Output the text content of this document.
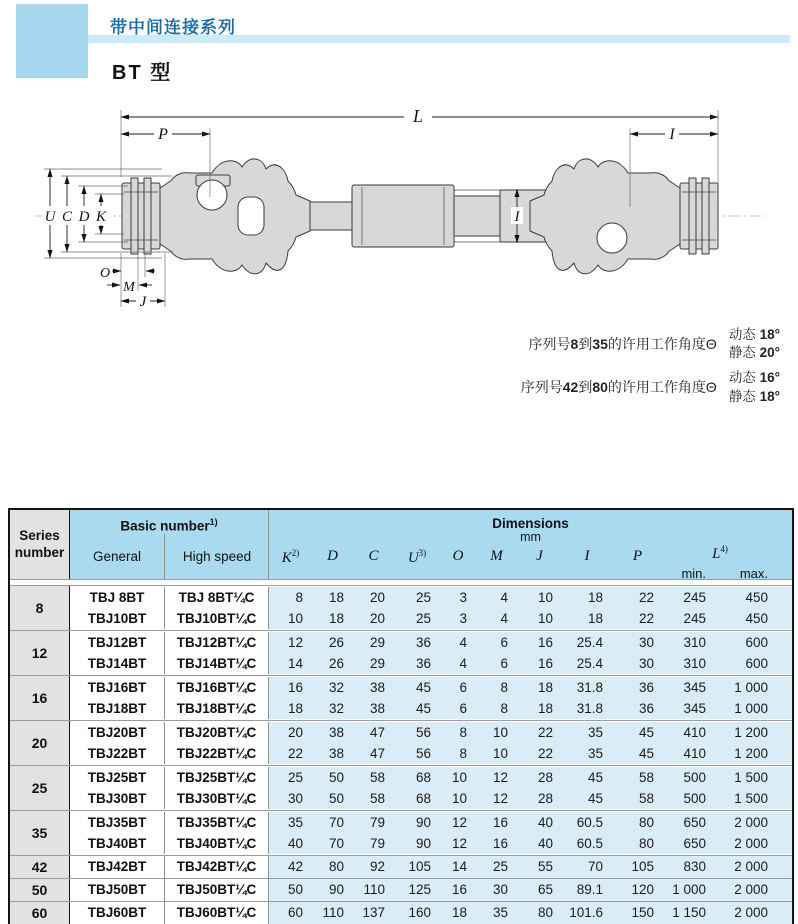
带中间连接系列
BT 型
L
P	I
I
U C D K
O
M
J
序列号8到35的许用工作角度Θ
动态 18°
静态 20°
序列号42到80的许用工作角度Θ
动态 16°
静态 18°
Series
number
Basic number$^{1)}$
General	High speed
Dimensions
mm
$K^{2)}$	D	C	$U^{3)}$	O	M	J	I	P	$L^{4)}$
min.	max.
8
TBJ 8BT	TBJ 8BT¼C	8	18	20	25	3	4	10	18	22	245	450
TBJ10BT	TBJ10BT¼C	10	18	20	25	3	4	10	18	22	245	450
12
TBJ12BT	TBJ12BT¼C	12	26	29	36	4	6	16	25.4	30	310	600
TBJ14BT	TBJ14BT¼C	14	26	29	36	4	6	16	25.4	30	310	600
16
TBJ16BT	TBJ16BT¼C	16	32	38	45	6	8	18	31.8	36	345	1 000
TBJ18BT	TBJ18BT¼C	18	32	38	45	6	8	18	31.8	36	345	1 000
20
TBJ20BT	TBJ20BT¼C	20	38	47	56	8	10	22	35	45	410	1 200
TBJ22BT	TBJ22BT¼C	22	38	47	56	8	10	22	35	45	410	1 200
25
TBJ25BT	TBJ25BT¼C	25	50	58	68	10	12	28	45	58	500	1 500
TBJ30BT	TBJ30BT¼C	30	50	58	68	10	12	28	45	58	500	1 500
35
TBJ35BT	TBJ35BT¼C	35	70	79	90	12	16	40	60.5	80	650	2 000
TBJ40BT	TBJ40BT¼C	40	70	79	90	12	16	40	60.5	80	650	2 000
42	TBJ42BT	TBJ42BT¼C	42	80	92	105	14	25	55	70	105	830	2 000
50	TBJ50BT	TBJ50BT¼C	50	90	110	125	16	30	65	89.1	120	1 000	2 000
60	TBJ60BT	TBJ60BT¼C	60	110	137	160	18	35	80	101.6	150	1 150	2 000
